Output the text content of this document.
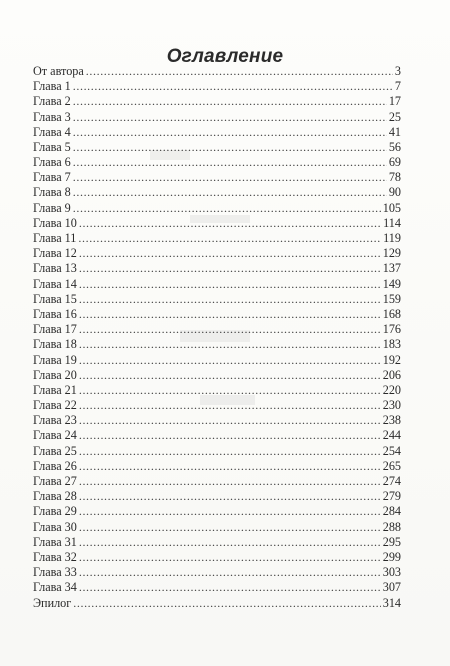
Оглавление
От автора .....	3
Глава 1 .....	7
Глава 2 .....	17
Глава 3 .....	25
Глава 4 .....	41
Глава 5 .....	56
Глава 6 .....	69
Глава 7 .....	78
Глава 8 .....	90
Глава 9 .....	105
Глава 10 .....	114
Глава 11 .....	119
Глава 12 .....	129
Глава 13 .....	137
Глава 14 .....	149
Глава 15 .....	159
Глава 16 .....	168
Глава 17 .....	176
Глава 18 .....	183
Глава 19 .....	192
Глава 20 .....	206
Глава 21 .....	220
Глава 22 .....	230
Глава 23 .....	238
Глава 24 .....	244
Глава 25 .....	254
Глава 26 .....	265
Глава 27 .....	274
Глава 28 .....	279
Глава 29 .....	284
Глава 30 .....	288
Глава 31 .....	295
Глава 32 .....	299
Глава 33 .....	303
Глава 34 .....	307
Эпилог .....	314
